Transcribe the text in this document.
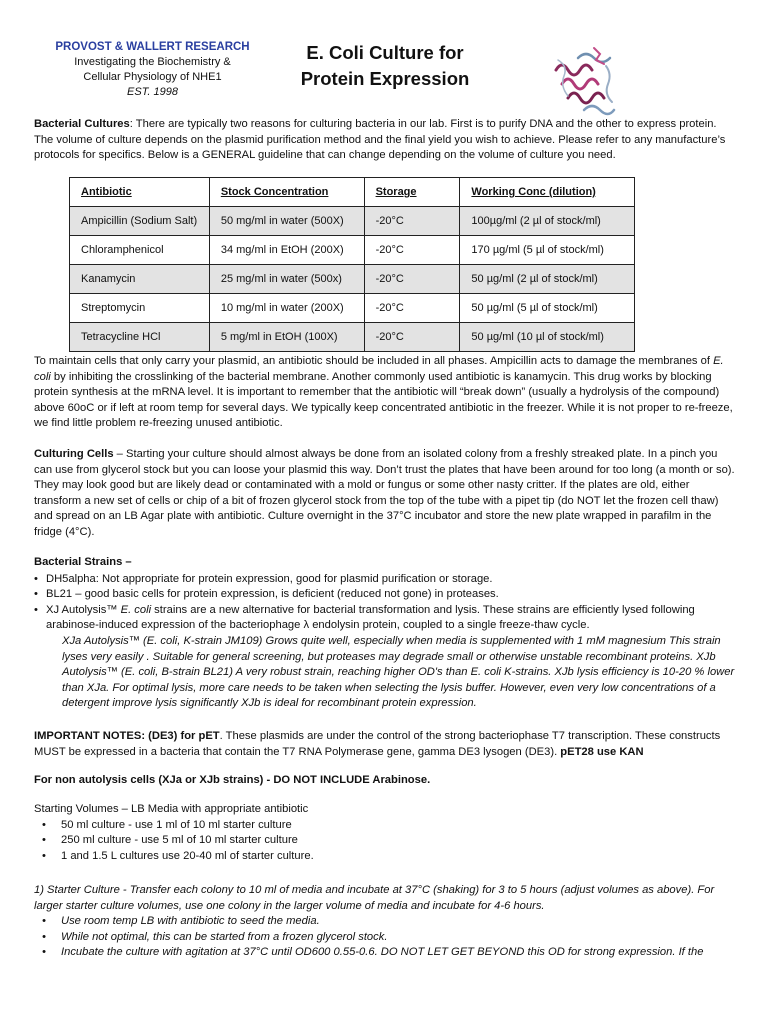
PROVOST & WALLERT RESEARCH
Investigating the Biochemistry &
Cellular Physiology of NHE1
EST. 1998
E. Coli Culture for
Protein Expression

Bacterial Cultures: There are typically two reasons for culturing bacteria in our lab. First is to purify DNA and the other to express protein. The volume of culture depends on the plasmid purification method and the final yield you wish to achieve. Please refer to any manufacture’s protocols for specifics. Below is a GENERAL guideline that can change depending on the volume of culture you need.

Antibiotic	Stock Concentration	Storage	Working Conc (dilution)
Ampicillin (Sodium Salt)	50 mg/ml in water (500X)	-20°C	100µg/ml (2 µl of stock/ml)
Chloramphenicol	34 mg/ml in EtOH (200X)	-20°C	170 µg/ml (5 µl of stock/ml)
Kanamycin	25 mg/ml in water (500x)	-20°C	50 µg/ml (2 µl of stock/ml)
Streptomycin	10 mg/ml in water (200X)	-20°C	50 µg/ml (5 µl of stock/ml)
Tetracycline HCl	5 mg/ml in EtOH (100X)	-20°C	50 µg/ml (10 µl of stock/ml)

To maintain cells that only carry your plasmid, an antibiotic should be included in all phases. Ampicillin acts to damage the membranes of E. coli by inhibiting the crosslinking of the bacterial membrane. Another commonly used antibiotic is kanamycin. This drug works by blocking protein synthesis at the mRNA level. It is important to remember that the antibiotic will “break down” (usually a hydrolysis of the compound) above 60oC or if left at room temp for several days. We typically keep concentrated antibiotic in the freezer. While it is not proper to re-freeze, we find little problem re-freezing unused antibiotic.

Culturing Cells – Starting your culture should almost always be done from an isolated colony from a freshly streaked plate. In a pinch you can use from glycerol stock but you can loose your plasmid this way. Don’t trust the plates that have been around for too long (a month or so). They may look good but are likely dead or contaminated with a mold or fungus or some other nasty critter. If the plates are old, either transform a new set of cells or chip of a bit of frozen glycerol stock from the top of the tube with a pipet tip (do NOT let the frozen cell thaw) and spread on an LB Agar plate with antibiotic. Culture overnight in the 37°C incubator and store the new plate wrapped in parafilm in the fridge (4°C).

Bacterial Strains –

• DH5alpha: Not appropriate for protein expression, good for plasmid purification or storage.
• BL21 – good basic cells for protein expression, is deficient (reduced not gone) in proteases.
• XJ Autolysis™ E. coli strains are a new alternative for bacterial transformation and lysis. These strains are efficiently lysed following arabinose-induced expression of the bacteriophage λ endolysin protein, coupled to a single freeze-thaw cycle.

XJa Autolysis™ (E. coli, K-strain JM109) Grows quite well, especially when media is supplemented with 1 mM magnesium This strain lyses very easily . Suitable for general screening, but proteases may degrade small or otherwise unstable recombinant proteins. XJb Autolysis™ (E. coli, B-strain BL21) A very robust strain, reaching higher OD's than E. coli K-strains. XJb lysis efficiency is 10-20 % lower than XJa. For optimal lysis, more care needs to be taken when selecting the lysis buffer. However, even very low concentrations of a detergent improve lysis significantly XJb is ideal for recombinant protein expression.

IMPORTANT NOTES: (DE3) for pET. These plasmids are under the control of the strong bacteriophase T7 transcription. These constructs MUST be expressed in a bacteria that contain the T7 RNA Polymerase gene, gamma DE3 lysogen (DE3). pET28 use KAN

For non autolysis cells (XJa or XJb strains) - DO NOT INCLUDE Arabinose.

Starting Volumes – LB Media with appropriate antibiotic

• 50 ml culture - use 1 ml of 10 ml starter culture
• 250 ml culture - use 5 ml of 10 ml starter culture
• 1 and 1.5 L cultures use 20-40 ml of starter culture.

1) Starter Culture - Transfer each colony to 10 ml of media and incubate at 37°C (shaking) for 3 to 5 hours (adjust volumes as above). For larger starter culture volumes, use one colony in the larger volume of media and incubate for 4-6 hours.

• Use room temp LB with antibiotic to seed the media.
• While not optimal, this can be started from a frozen glycerol stock.
• Incubate the culture with agitation at 37°C until OD600 0.55-0.6. DO NOT LET GET BEYOND this OD for strong expression. If the
